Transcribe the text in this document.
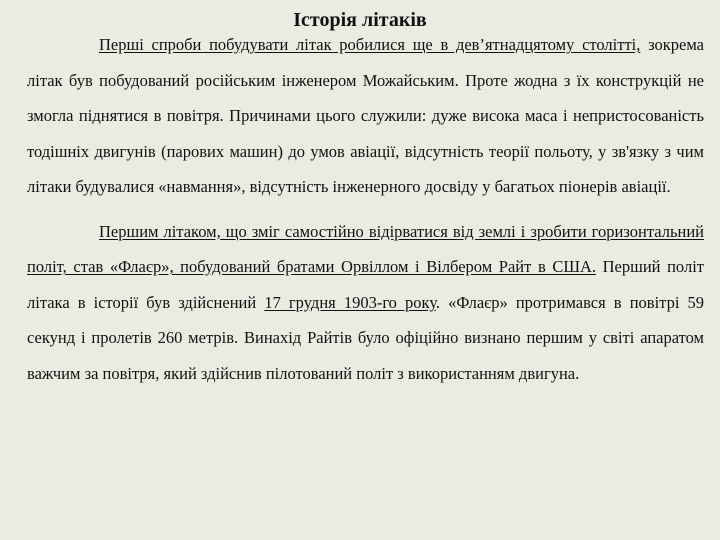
Історія літаків

Перші спроби побудувати літак робилися ще в дев’ятнадцятому столітті, зокрема літак був побудований російським інженером Можайським. Проте жодна з їх конструкцій не змогла піднятися в повітря. Причинами цього служили: дуже висока маса і непристосованість тодішніх двигунів (парових машин) до умов авіації, відсутність теорії польоту, у зв'язку з чим літаки будувалися «навмання», відсутність інженерного досвіду у багатьох піонерів авіації.

Першим літаком, що зміг самостійно відірватися від землі і зробити горизонтальний політ, став «Флаєр», побудований братами Орвіллом і Вілбером Райт в США. Перший політ літака в історії був здійснений 17 грудня 1903-го року. «Флаєр» протримався в повітрі 59 секунд і пролетів 260 метрів. Винахід Райтів було офіційно визнано першим у світі апаратом важчим за повітря, який здійснив пілотований політ з використанням двигуна.
